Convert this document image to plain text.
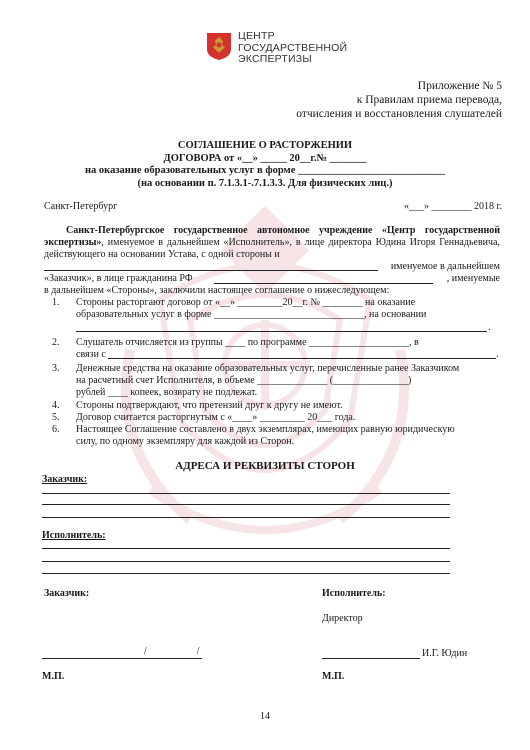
ЦЕНТР
ГОСУДАРСТВЕННОЙ
ЭКСПЕРТИЗЫ
Приложение № 5
к Правилам приема перевода,
отчисления и восстановления слушателей
СОГЛАШЕНИЕ О РАСТОРЖЕНИИ
ДОГОВОРА от «__» _____ 20__г.№ _______
на оказание образовательных услуг в форме ____________________________
(на основании п. 7.1.3.1-.7.1.3.3. Для физических лиц.)
Санкт-Петербург	«___» ________ 2018 г.
Санкт-Петербургское государственное автономное учреждение «Центр государственной экспертизы», именуемое в дальнейшем «Исполнитель», в лице директора Юдина Игоря Геннадьевича, действующего на основании Устава, с одной стороны и
именуемое в дальнейшем
«Заказчик», в лице гражданина РФ	, именуемые
в дальнейшем «Стороны», заключили настоящее соглашение о нижеследующем:
1. Стороны расторгают договор от «__» _________20__г. № ________ на оказание
образовательных услуг в форме ______________________________, на основании
.
2. Слушатель отчисляется из группы ____ по программе ____________________, в
связи с	.
3. Денежные средства на оказание образовательных услуг, перечисленные ранее Заказчиком
на расчетный счет Исполнителя, в объеме ______________ (_______________)
рублей ____ копеек, возврату не подлежат.
4. Стороны подтверждают, что претензий друг к другу не имеют.
5. Договор считается расторгнутым с «____» _________ 20___ года.
6. Настоящее Соглашение составлено в двух экземплярах, имеющих равную юридическую
силу, по одному экземпляру для каждой из Сторон.
АДРЕСА И РЕКВИЗИТЫ СТОРОН
Заказчик:
Исполнитель:
Заказчик:	Исполнитель:
Директор
/                    /	И.Г. Юдин
М.П.	М.П.
14
